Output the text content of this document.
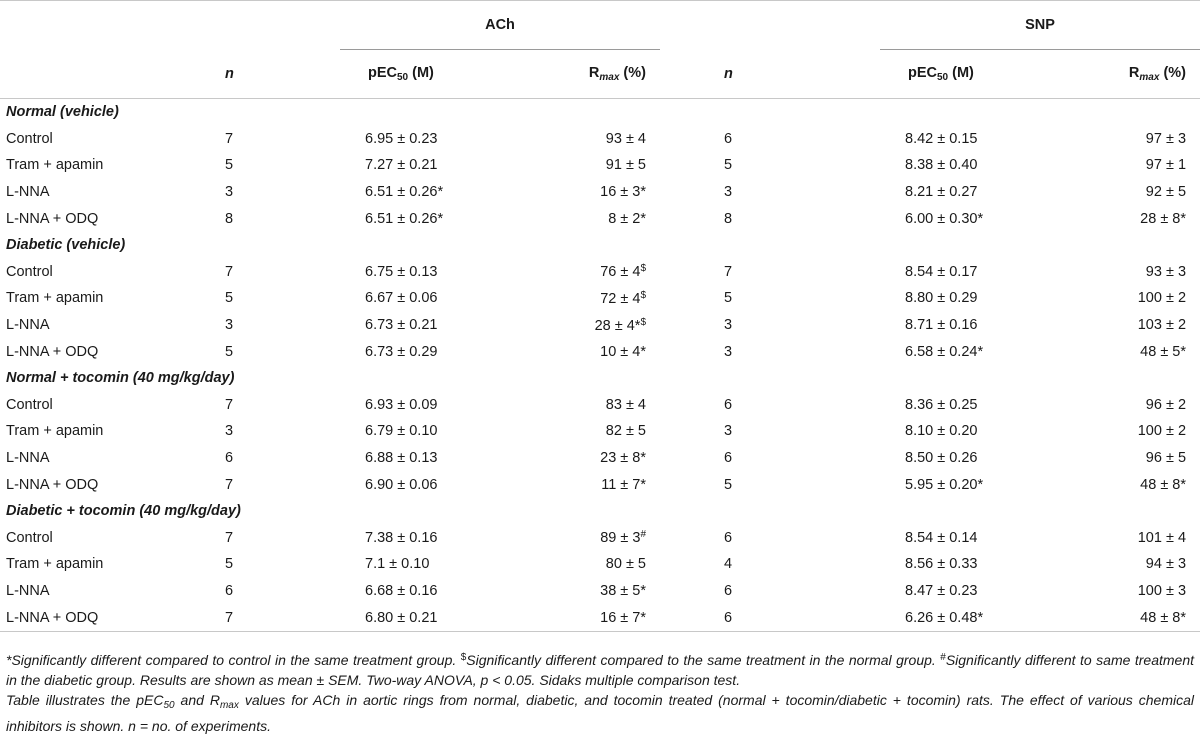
		ACh			SNP	
	n	pEC$_{50}$ (M)	$R_{max}$ (%)	n	pEC$_{50}$ (M)	$R_{max}$ (%)
Normal (vehicle)						
Control	7	6.95 ± 0.23	93 ± 4	6	8.42 ± 0.15	97 ± 3
Tram + apamin	5	7.27 ± 0.21	91 ± 5	5	8.38 ± 0.40	97 ± 1
L-NNA	3	6.51 ± 0.26*	16 ± 3*	3	8.21 ± 0.27	92 ± 5
L-NNA + ODQ	8	6.51 ± 0.26*	8 ± 2*	8	6.00 ± 0.30*	28 ± 8*
Diabetic (vehicle)						
Control	7	6.75 ± 0.13	76 ± 4$	7	8.54 ± 0.17	93 ± 3
Tram + apamin	5	6.67 ± 0.06	72 ± 4$	5	8.80 ± 0.29	100 ± 2
L-NNA	3	6.73 ± 0.21	28 ± 4*$	3	8.71 ± 0.16	103 ± 2
L-NNA + ODQ	5	6.73 ± 0.29	10 ± 4*	3	6.58 ± 0.24*	48 ± 5*
Normal + tocomin (40 mg/kg/day)						
Control	7	6.93 ± 0.09	83 ± 4	6	8.36 ± 0.25	96 ± 2
Tram + apamin	3	6.79 ± 0.10	82 ± 5	3	8.10 ± 0.20	100 ± 2
L-NNA	6	6.88 ± 0.13	23 ± 8*	6	8.50 ± 0.26	96 ± 5
L-NNA + ODQ	7	6.90 ± 0.06	11 ± 7*	5	5.95 ± 0.20*	48 ± 8*
Diabetic + tocomin (40 mg/kg/day)						
Control	7	7.38 ± 0.16	89 ± 3#	6	8.54 ± 0.14	101 ± 4
Tram + apamin	5	7.1 ± 0.10	80 ± 5	4	8.56 ± 0.33	94 ± 3
L-NNA	6	6.68 ± 0.16	38 ± 5*	6	8.47 ± 0.23	100 ± 3
L-NNA + ODQ	7	6.80 ± 0.21	16 ± 7*	6	6.26 ± 0.48*	48 ± 8*

*Significantly different compared to control in the same treatment group. $Significantly different compared to the same treatment in the normal group. #Significantly different to same treatment in the diabetic group. Results are shown as mean ± SEM. Two-way ANOVA, p < 0.05. Sidaks multiple comparison test.

Table illustrates the pEC$_{50}$ and $R_{max}$ values for ACh in aortic rings from normal, diabetic, and tocomin treated (normal + tocomin/diabetic + tocomin) rats. The effect of various chemical inhibitors is shown. n = no. of experiments.
